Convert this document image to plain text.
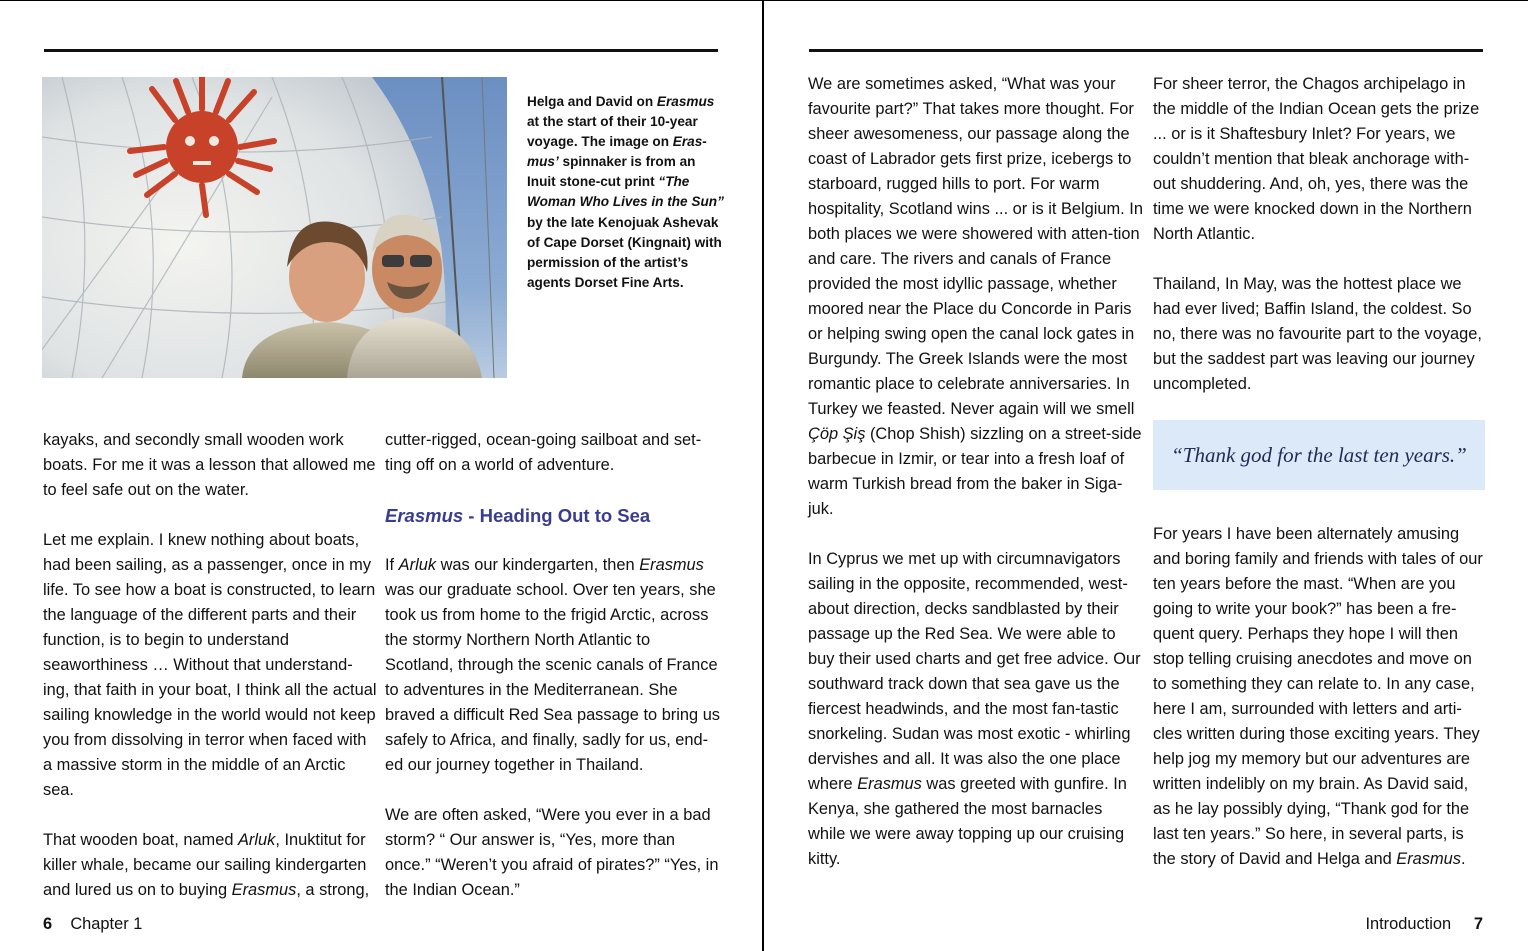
Helga and David on Erasmus at the start of their 10-year voyage. The image on Eras-mus’ spinnaker is from an Inuit stone-cut print “The Woman Who Lives in the Sun” by the late Kenojuak Ashevak of Cape Dorset (Kingnait) with permission of the artist’s agents Dorset Fine Arts.

kayaks, and secondly small wooden work boats. For me it was a lesson that allowed me to feel safe out on the water.

Let me explain. I knew nothing about boats, had been sailing, as a passenger, once in my life. To see how a boat is constructed, to learn the language of the different parts and their function, is to begin to understand seaworthiness … Without that understand-ing, that faith in your boat, I think all the actual sailing knowledge in the world would not keep you from dissolving in terror when faced with a massive storm in the middle of an Arctic sea.

That wooden boat, named Arluk, Inuktitut for killer whale, became our sailing kindergarten and lured us on to buying Erasmus, a strong,

cutter-rigged, ocean-going sailboat and set-ting off on a world of adventure.

Erasmus - Heading Out to Sea

If Arluk was our kindergarten, then Erasmus was our graduate school. Over ten years, she took us from home to the frigid Arctic, across the stormy Northern North Atlantic to Scotland, through the scenic canals of France to adventures in the Mediterranean. She braved a difficult Red Sea passage to bring us safely to Africa, and finally, sadly for us, end-ed our journey together in Thailand.

We are often asked, “Were you ever in a bad storm? “ Our answer is, “Yes, more than once.” “Weren’t you afraid of pirates?” “Yes, in the Indian Ocean.”

6 Chapter 1

We are sometimes asked, “What was your favourite part?” That takes more thought. For sheer awesomeness, our passage along the coast of Labrador gets first prize, icebergs to starboard, rugged hills to port. For warm hospitality, Scotland wins ... or is it Belgium. In both places we were showered with atten-tion and care. The rivers and canals of France provided the most idyllic passage, whether moored near the Place du Concorde in Paris or helping swing open the canal lock gates in Burgundy. The Greek Islands were the most romantic place to celebrate anniversaries. In Turkey we feasted. Never again will we smell Çöp Şiş (Chop Shish) sizzling on a street-side barbecue in Izmir, or tear into a fresh loaf of warm Turkish bread from the baker in Siga-juk.

In Cyprus we met up with circumnavigators sailing in the opposite, recommended, west-about direction, decks sandblasted by their passage up the Red Sea. We were able to buy their used charts and get free advice. Our southward track down that sea gave us the fiercest headwinds, and the most fan-tastic snorkeling. Sudan was most exotic - whirling dervishes and all. It was also the one place where Erasmus was greeted with gunfire. In Kenya, she gathered the most barnacles while we were away topping up our cruising kitty.

For sheer terror, the Chagos archipelago in the middle of the Indian Ocean gets the prize ... or is it Shaftesbury Inlet? For years, we couldn’t mention that bleak anchorage with-out shuddering. And, oh, yes, there was the time we were knocked down in the Northern North Atlantic.

Thailand, In May, was the hottest place we had ever lived; Baffin Island, the coldest. So no, there was no favourite part to the voyage, but the saddest part was leaving our journey uncompleted.

“Thank god for the last ten years.”

For years I have been alternately amusing and boring family and friends with tales of our ten years before the mast. “When are you going to write your book?” has been a fre-quent query. Perhaps they hope I will then stop telling cruising anecdotes and move on to something they can relate to. In any case, here I am, surrounded with letters and arti-cles written during those exciting years. They help jog my memory but our adventures are written indelibly on my brain. As David said, as he lay possibly dying, “Thank god for the last ten years.” So here, in several parts, is the story of David and Helga and Erasmus.

Introduction 7
